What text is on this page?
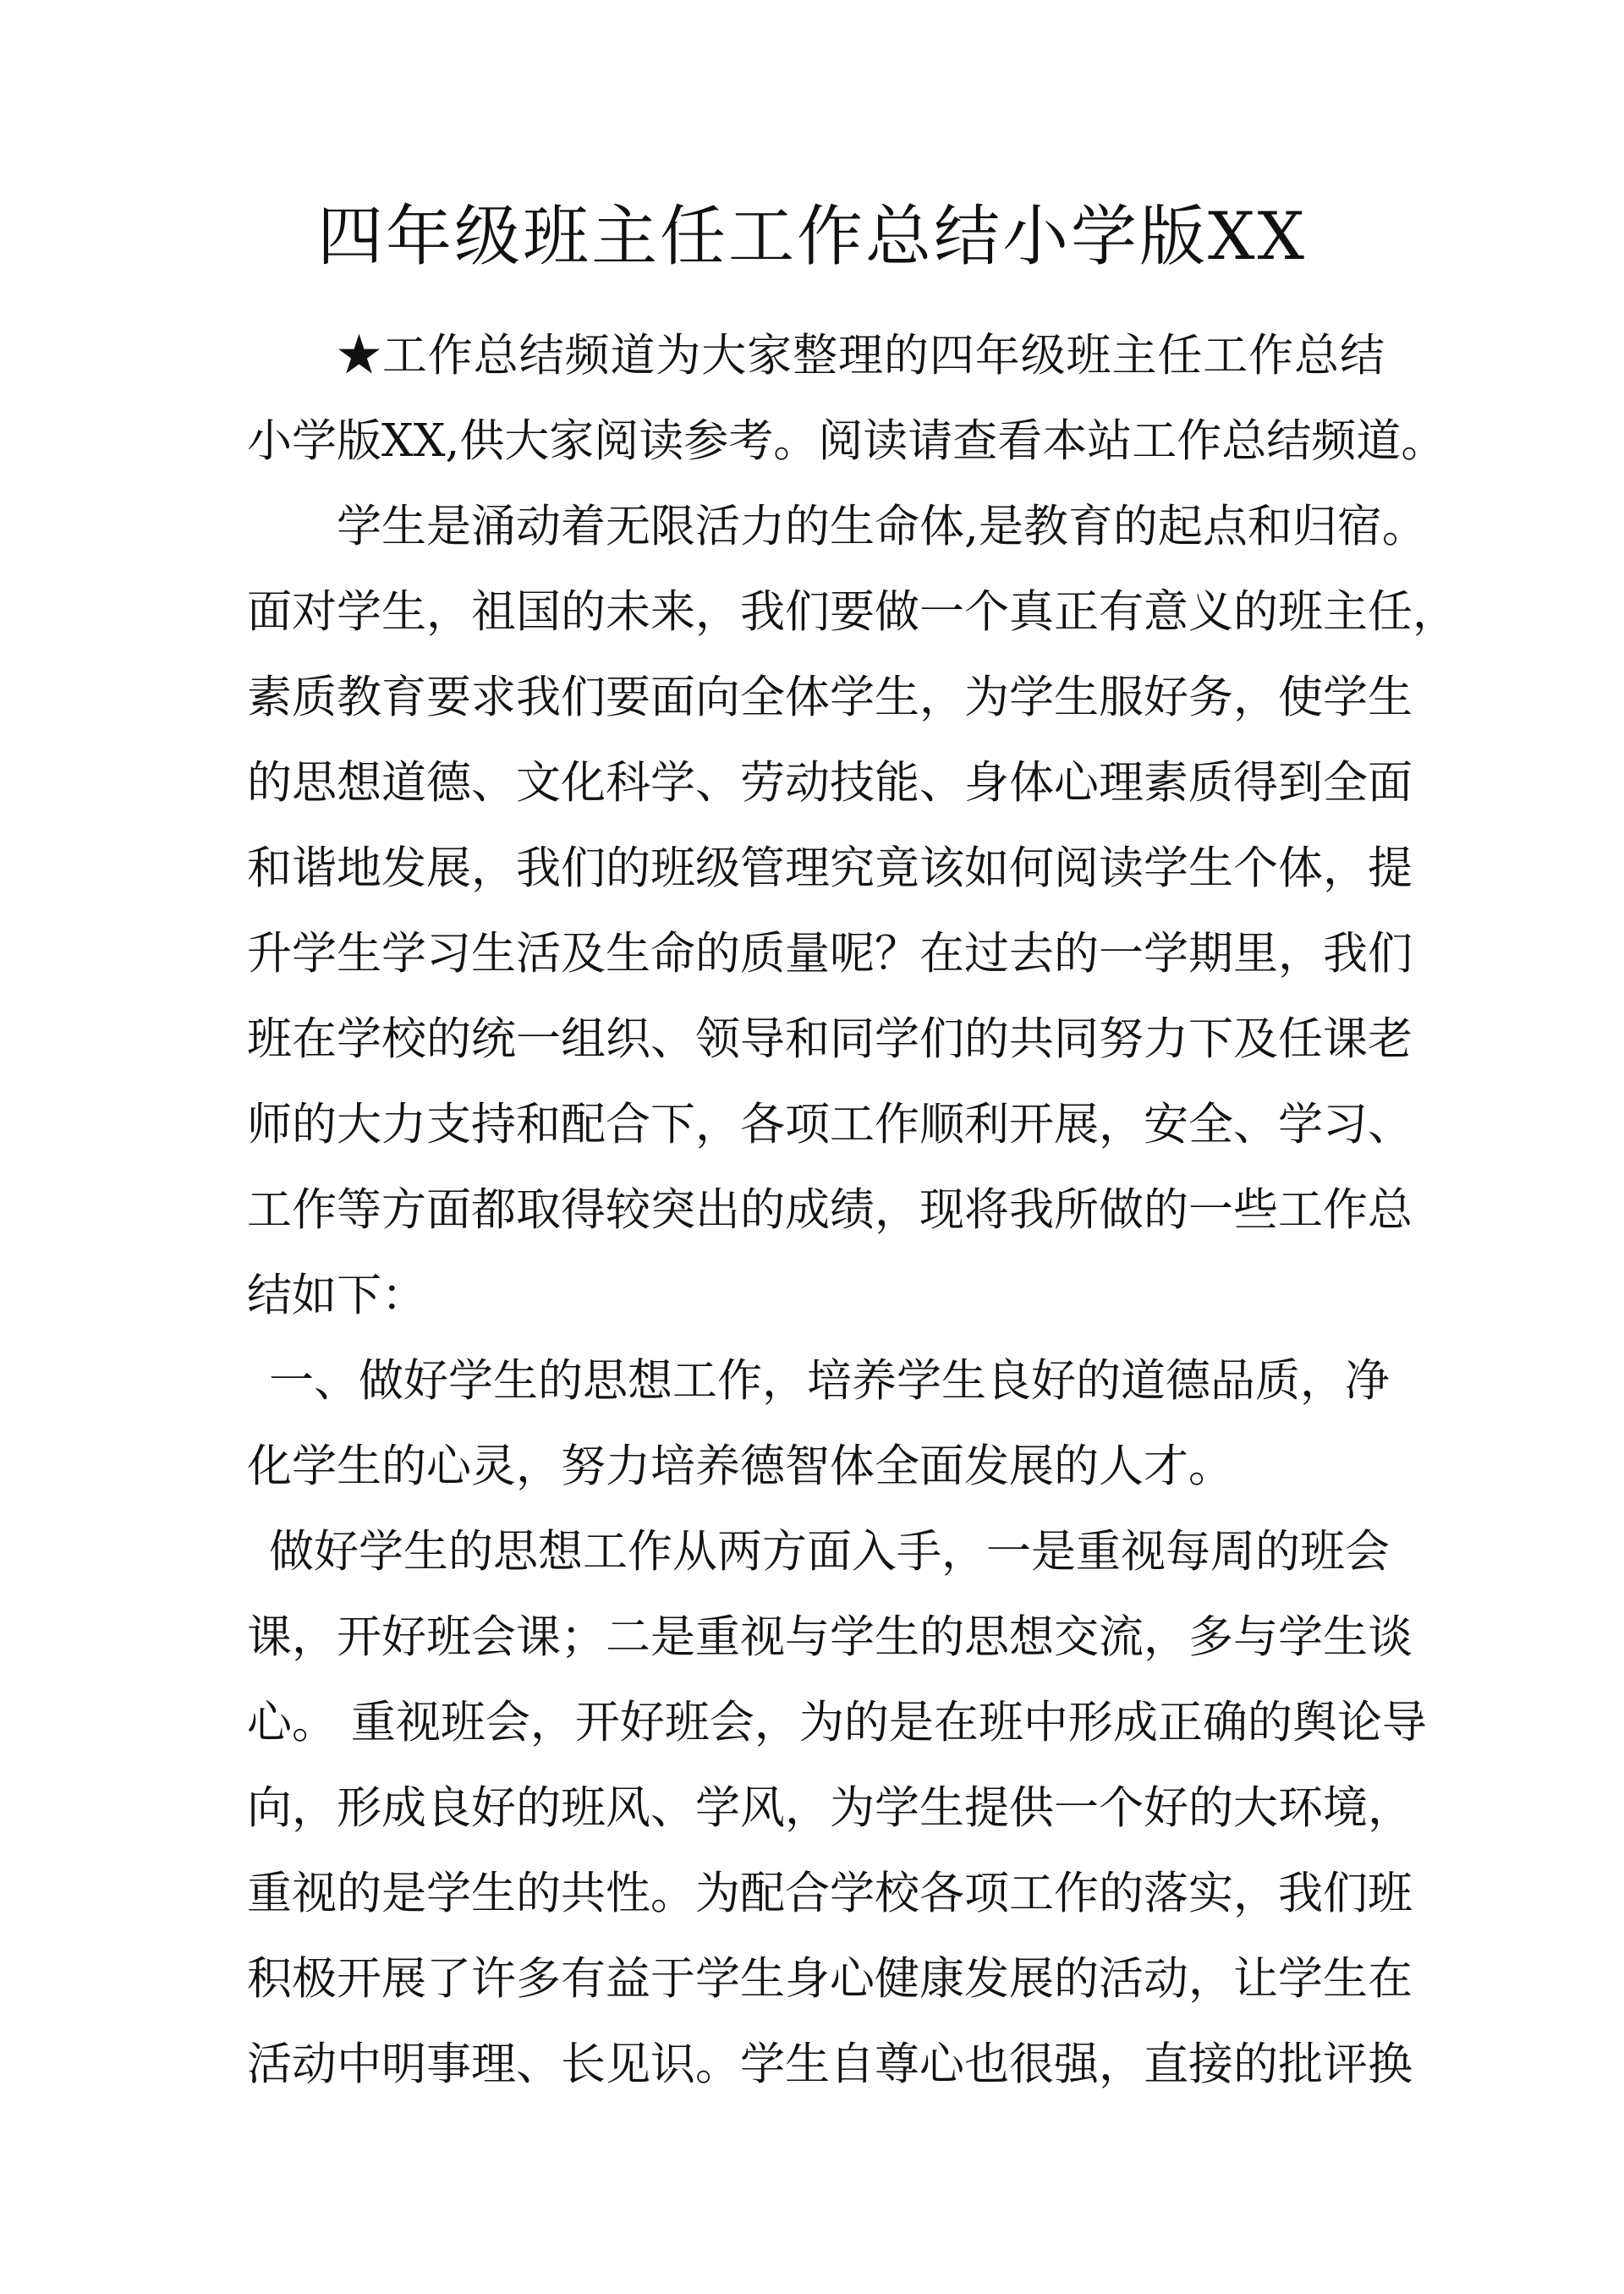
四年级班主任工作总结小学版XX
★工作总结频道为大家整理的四年级班主任工作总结
小学版XX,供大家阅读参考。阅读请查看本站工作总结频道。
学生是涌动着无限活力的生命体,是教育的起点和归宿。
面对学生，祖国的未来，我们要做一个真正有意义的班主任，
素质教育要求我们要面向全体学生，为学生服好务，使学生
的思想道德、文化科学、劳动技能、身体心理素质得到全面
和谐地发展，我们的班级管理究竟该如何阅读学生个体，提
升学生学习生活及生命的质量呢？在过去的一学期里，我们
班在学校的统一组织、领导和同学们的共同努力下及任课老
师的大力支持和配合下，各项工作顺利开展，安全、学习、
工作等方面都取得较突出的成绩，现将我所做的一些工作总
结如下：
一、做好学生的思想工作，培养学生良好的道德品质，净
化学生的心灵，努力培养德智体全面发展的人才。
做好学生的思想工作从两方面入手，一是重视每周的班会
课，开好班会课；二是重视与学生的思想交流，多与学生谈
心。 重视班会，开好班会，为的是在班中形成正确的舆论导
向，形成良好的班风、学风，为学生提供一个好的大环境，
重视的是学生的共性。为配合学校各项工作的落实，我们班
积极开展了许多有益于学生身心健康发展的活动，让学生在
活动中明事理、长见识。学生自尊心也很强，直接的批评换
